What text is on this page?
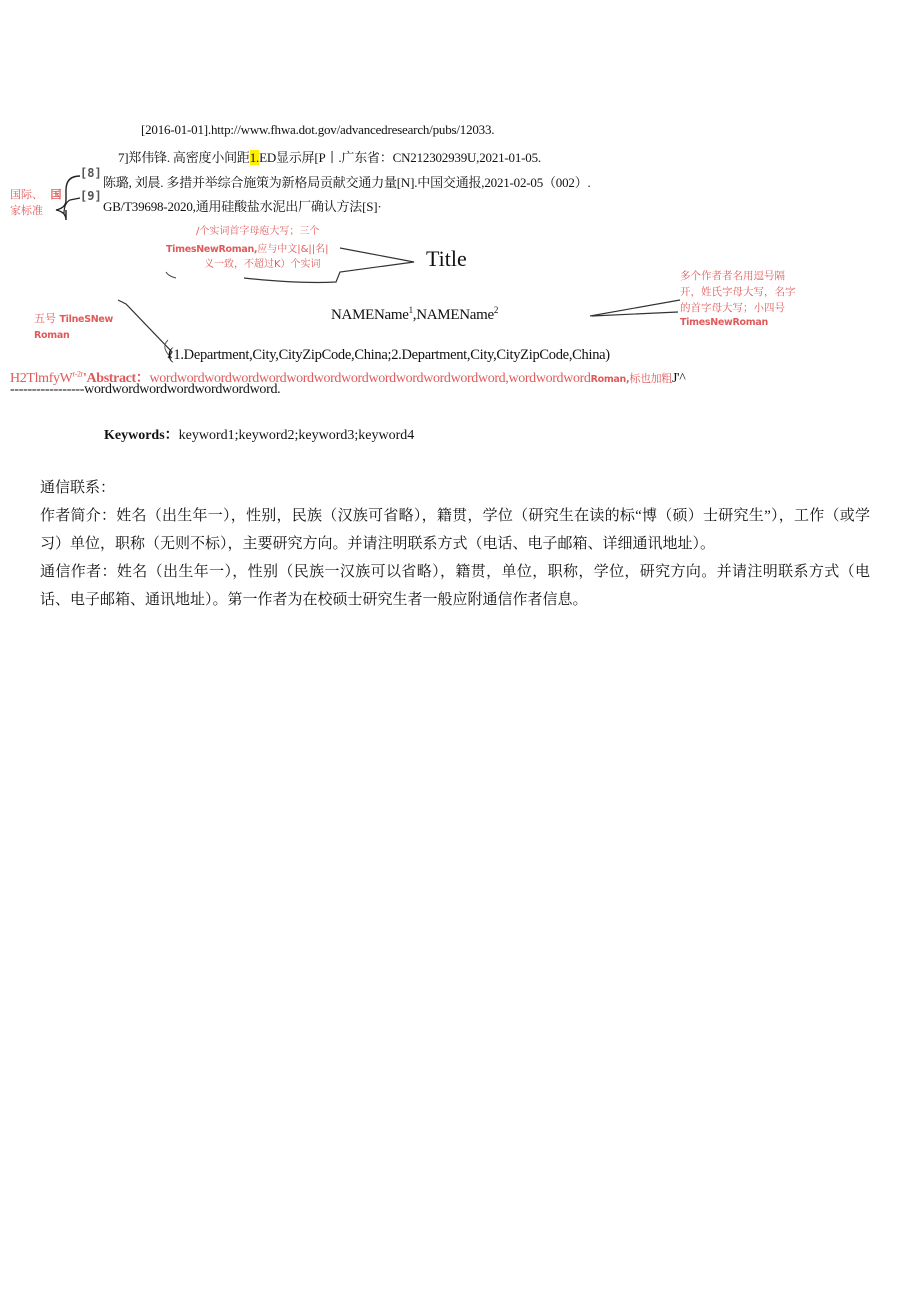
[2016-01-01].http://www.fhwa.dot.gov/advancedresearch/pubs/12033.
7]郑伟锋. 高密度小间距1.ED显示屏[P丨.广东省：CN212302939U,2021-01-05.
[8]
陈璐, 刘晨. 多措并举综合施策为新格局贡献交通力量[N].中国交通报,2021-02-05（002）.
[9]
GB/T39698-2020,通用硅酸盐水泥出厂确认方法[S]·
国际、 国
家标准
/个实词首字母庖大写；三个
TimesNewRoman,应与中文|&||名|
义一致，不超过K）个实词	Title
多个作者者名用逗号隔
开，姓氏字母大写，名字
的首字母大写；小四号
TimesNewRoman
NAMEName$^1$,NAMEName$^2$
五号 TilneSNew
Roman
(1.Department,City,CityZipCode,China;2.Department,City,CityZipCode,China)
H2TlmfyW$^{r-2r}$'Abstract：wordwordwordwordwordwordwordwordwordwordwordwordword,wordwordwordRoman,标也加粗J'^
-----------------wordwordwordwordwordwordword.
Keywords：keyword1;keyword2;keyword3;keyword4
通信联系：
作者简介：姓名（出生年一），性别，民族（汉族可省略），籍贯，学位（研究生在读的标“博（硕）士研究生”），工作（或学习）单位，职称（无则不标），主要研究方向。并请注明联系方式（电话、电子邮箱、详细通讯地址）。
通信作者：姓名（出生年一），性别（民族一汉族可以省略），籍贯，单位，职称，学位，研究方向。并请注明联系方式（电话、电子邮箱、通讯地址）。第一作者为在校硕士研究生者一般应附通信作者信息。
